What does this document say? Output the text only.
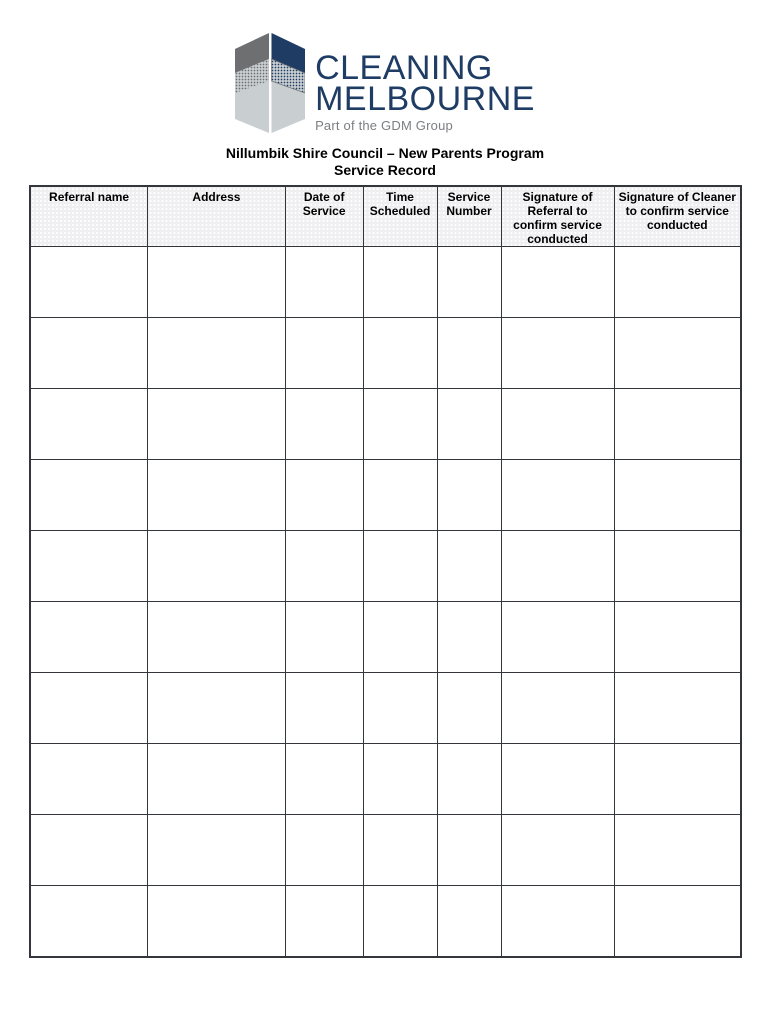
CLEANING
MELBOURNE
Part of the GDM Group
Nillumbik Shire Council – New Parents Program
Service Record
Referral name	Address	Date of Service	Time Scheduled	Service Number	Signature of Referral to confirm service conducted	Signature of Cleaner to confirm service conducted
